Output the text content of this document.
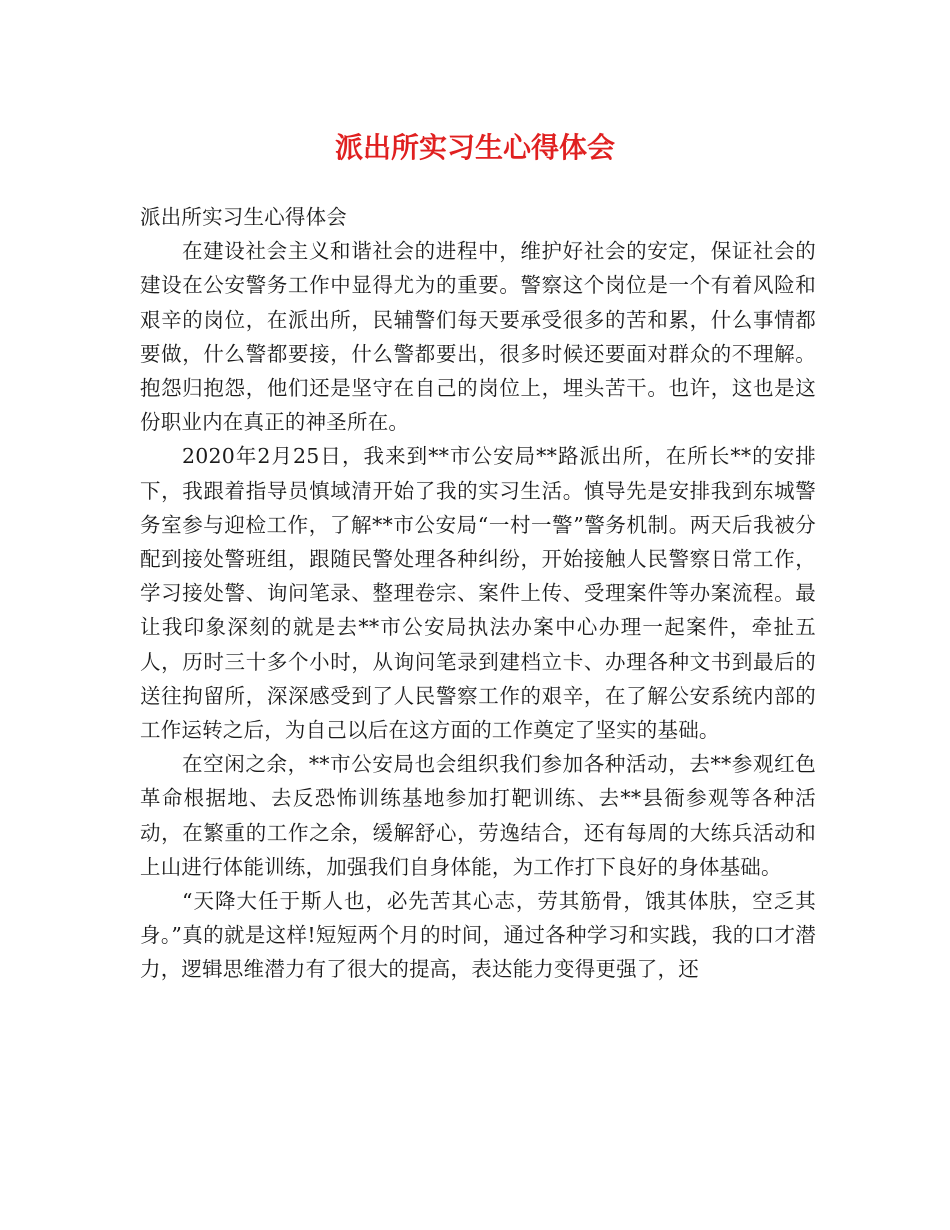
派出所实习生心得体会

派出所实习生心得体会

在建设社会主义和谐社会的进程中，维护好社会的安定，保证社会的建设在公安警务工作中显得尤为的重要。警察这个岗位是一个有着风险和艰辛的岗位，在派出所，民辅警们每天要承受很多的苦和累，什么事情都要做，什么警都要接，什么警都要出，很多时候还要面对群众的不理解。抱怨归抱怨，他们还是坚守在自己的岗位上，埋头苦干。也许，这也是这份职业内在真正的神圣所在。

2020年2月25日，我来到**市公安局**路派出所，在所长**的安排下，我跟着指导员慎域清开始了我的实习生活。慎导先是安排我到东城警务室参与迎检工作，了解**市公安局“一村一警”警务机制。两天后我被分配到接处警班组，跟随民警处理各种纠纷，开始接触人民警察日常工作，学习接处警、询问笔录、整理卷宗、案件上传、受理案件等办案流程。最让我印象深刻的就是去**市公安局执法办案中心办理一起案件，牵扯五人，历时三十多个小时，从询问笔录到建档立卡、办理各种文书到最后的送往拘留所，深深感受到了人民警察工作的艰辛，在了解公安系统内部的工作运转之后，为自己以后在这方面的工作奠定了坚实的基础。

在空闲之余，**市公安局也会组织我们参加各种活动，去**参观红色革命根据地、去反恐怖训练基地参加打靶训练、去**县衙参观等各种活动，在繁重的工作之余，缓解舒心，劳逸结合，还有每周的大练兵活动和上山进行体能训练，加强我们自身体能，为工作打下良好的身体基础。

“天降大任于斯人也，必先苦其心志，劳其筋骨，饿其体肤，空乏其身。”真的就是这样!短短两个月的时间，通过各种学习和实践，我的口才潜力，逻辑思维潜力有了很大的提高，表达能力变得更强了，还
